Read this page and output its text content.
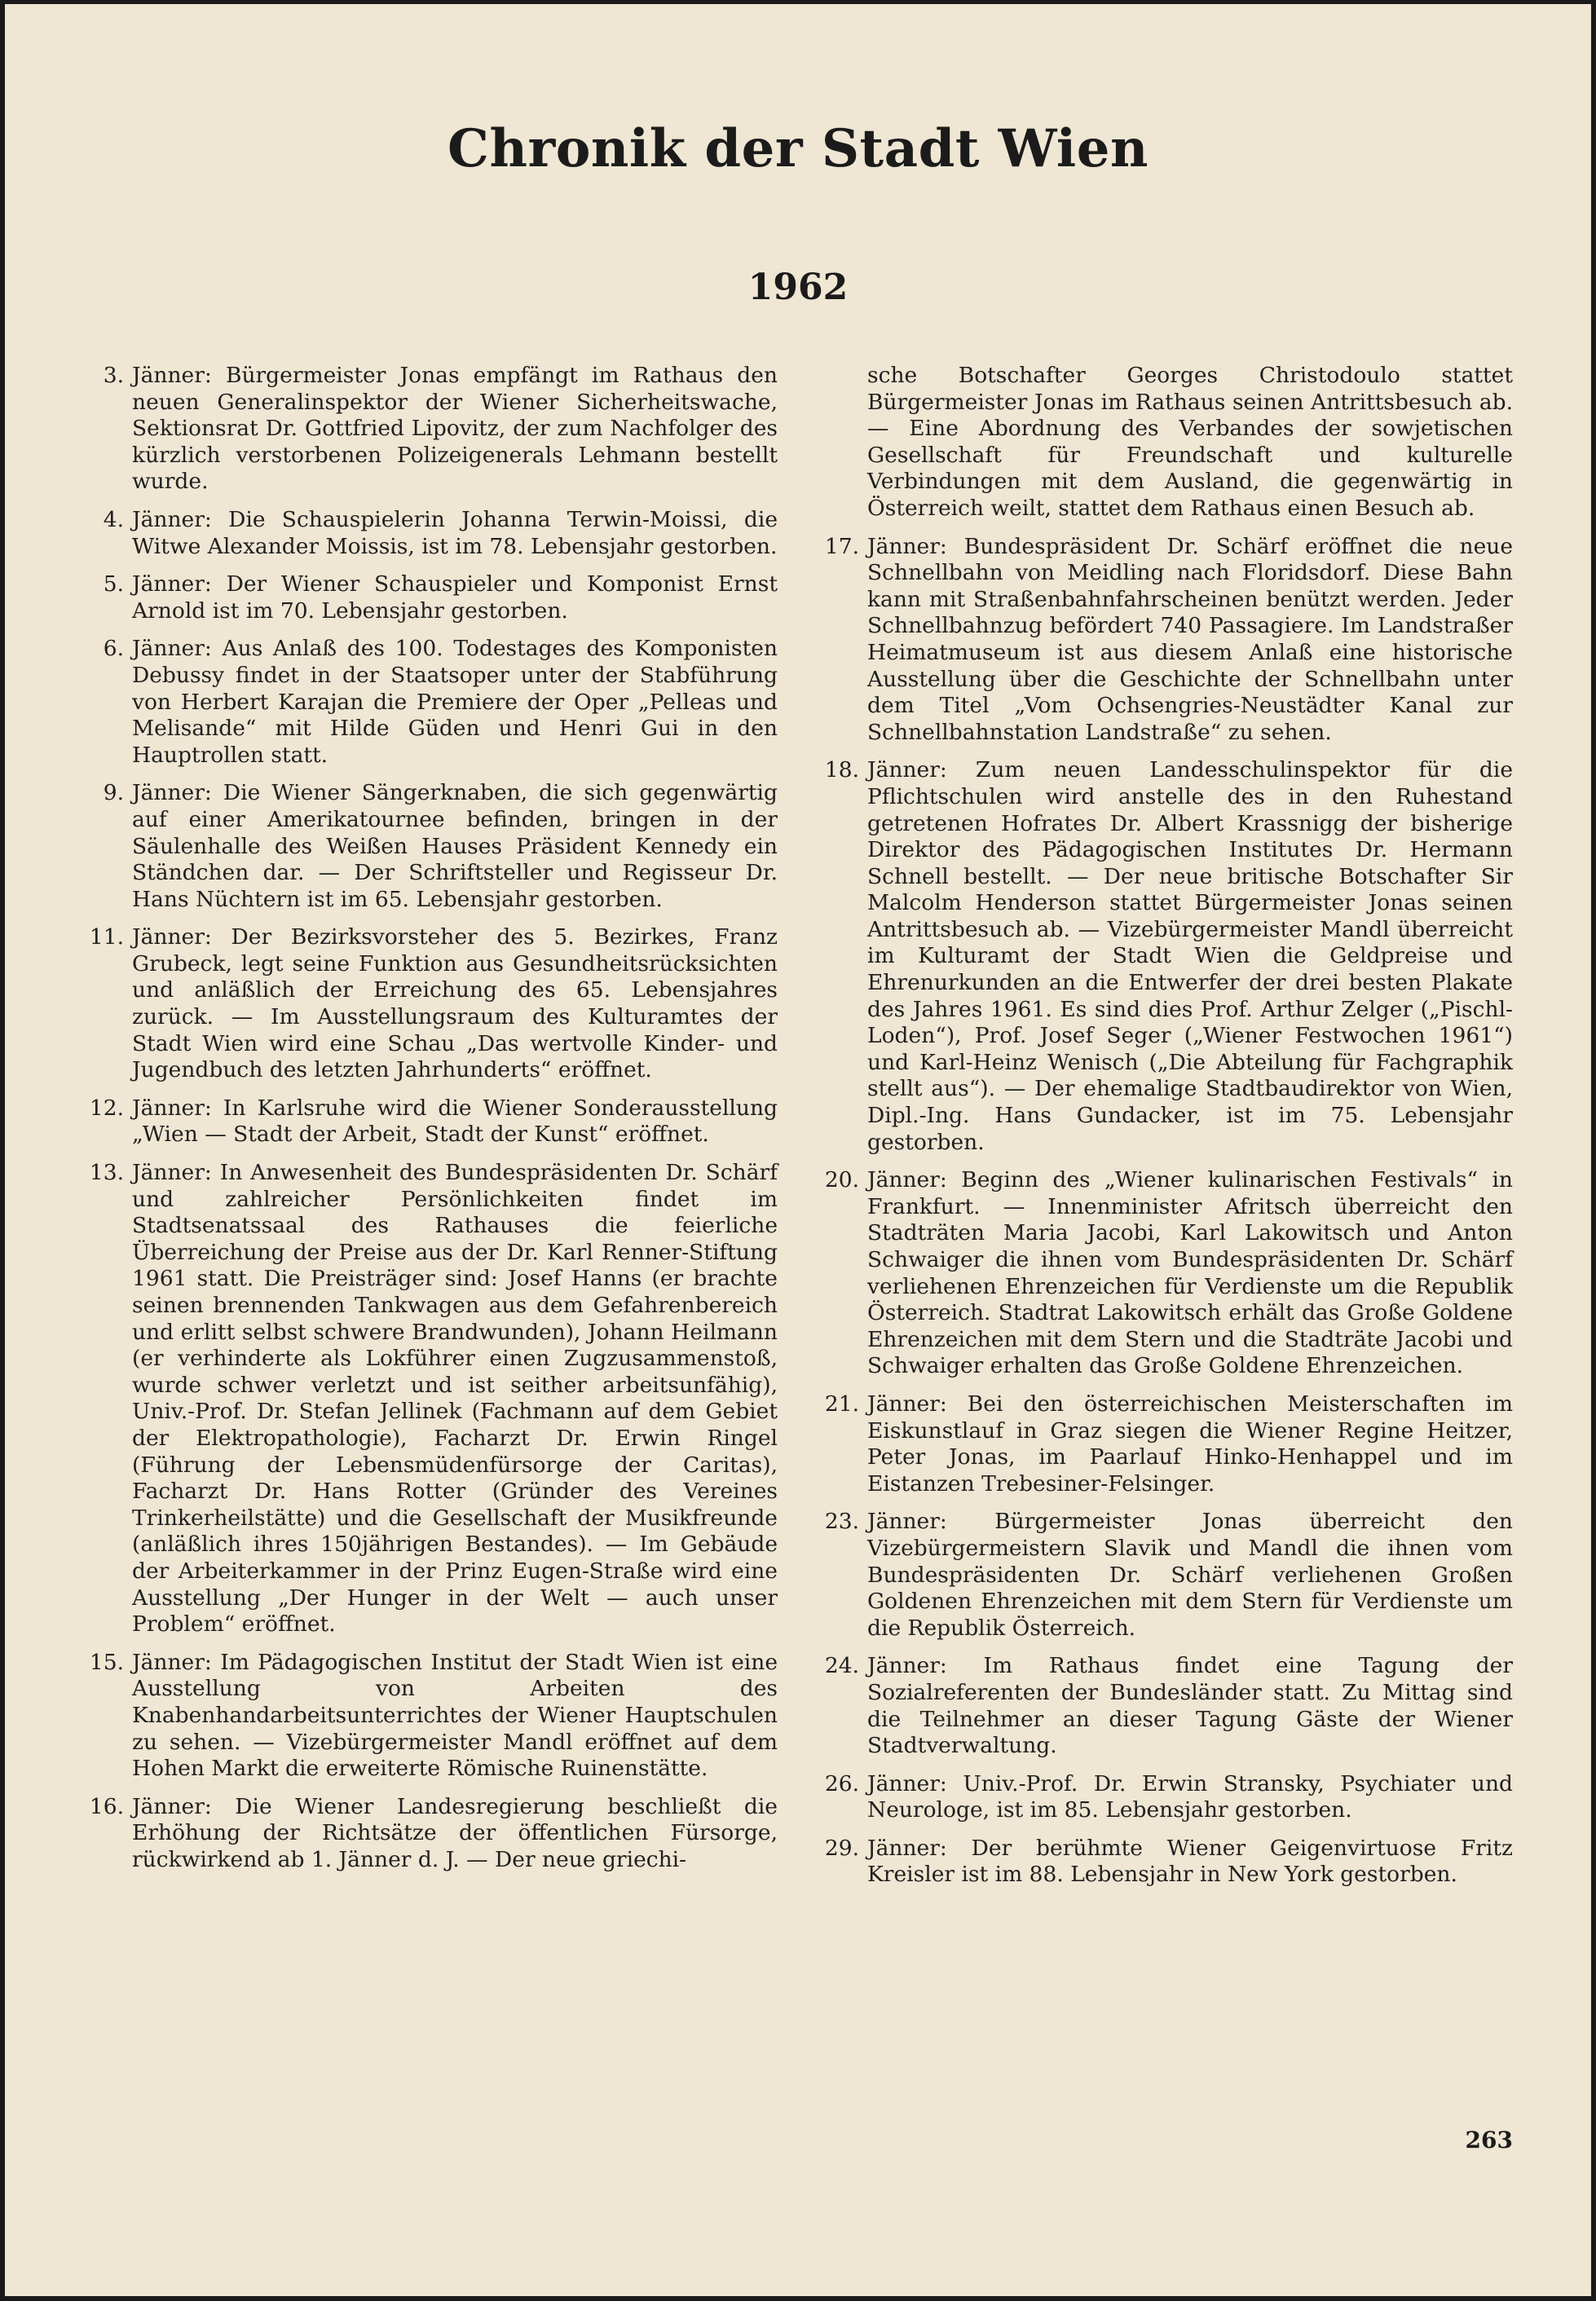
Chronik der Stadt Wien
1962
3. Jänner: Bürgermeister Jonas empfängt im Rathaus den neuen Generalinspektor der Wiener Sicherheitswache, Sektionsrat Dr. Gottfried Lipovitz, der zum Nachfolger des kürzlich verstorbenen Polizeigenerals Lehmann bestellt wurde.
4. Jänner: Die Schauspielerin Johanna Terwin-Moissi, die Witwe Alexander Moissis, ist im 78. Lebensjahr gestorben.
5. Jänner: Der Wiener Schauspieler und Komponist Ernst Arnold ist im 70. Lebensjahr gestorben.
6. Jänner: Aus Anlaß des 100. Todestages des Komponisten Debussy findet in der Staatsoper unter der Stabführung von Herbert Karajan die Premiere der Oper „Pelleas und Melisande“ mit Hilde Güden und Henri Gui in den Hauptrollen statt.
9. Jänner: Die Wiener Sängerknaben, die sich gegenwärtig auf einer Amerikatournee befinden, bringen in der Säulenhalle des Weißen Hauses Präsident Kennedy ein Ständchen dar. — Der Schriftsteller und Regisseur Dr. Hans Nüchtern ist im 65. Lebensjahr gestorben.
11. Jänner: Der Bezirksvorsteher des 5. Bezirkes, Franz Grubeck, legt seine Funktion aus Gesundheitsrücksichten und anläßlich der Erreichung des 65. Lebensjahres zurück. — Im Ausstellungsraum des Kulturamtes der Stadt Wien wird eine Schau „Das wertvolle Kinder- und Jugendbuch des letzten Jahrhunderts“ eröffnet.
12. Jänner: In Karlsruhe wird die Wiener Sonderausstellung „Wien — Stadt der Arbeit, Stadt der Kunst“ eröffnet.
13. Jänner: In Anwesenheit des Bundespräsidenten Dr. Schärf und zahlreicher Persönlichkeiten findet im Stadtsenatssaal des Rathauses die feierliche Überreichung der Preise aus der Dr. Karl Renner-Stiftung 1961 statt. Die Preisträger sind: Josef Hanns (er brachte seinen brennenden Tankwagen aus dem Gefahrenbereich und erlitt selbst schwere Brandwunden), Johann Heilmann (er verhinderte als Lokführer einen Zugzusammenstoß, wurde schwer verletzt und ist seither arbeitsunfähig), Univ.-Prof. Dr. Stefan Jellinek (Fachmann auf dem Gebiet der Elektropathologie), Facharzt Dr. Erwin Ringel (Führung der Lebensmüdenfürsorge der Caritas), Facharzt Dr. Hans Rotter (Gründer des Vereines Trinkerheilstätte) und die Gesellschaft der Musikfreunde (anläßlich ihres 150jährigen Bestandes). — Im Gebäude der Arbeiterkammer in der Prinz Eugen-Straße wird eine Ausstellung „Der Hunger in der Welt — auch unser Problem“ eröffnet.
15. Jänner: Im Pädagogischen Institut der Stadt Wien ist eine Ausstellung von Arbeiten des Knabenhandarbeitsunterrichtes der Wiener Hauptschulen zu sehen. — Vizebürgermeister Mandl eröffnet auf dem Hohen Markt die erweiterte Römische Ruinenstätte.
16. Jänner: Die Wiener Landesregierung beschließt die Erhöhung der Richtsätze der öffentlichen Fürsorge, rückwirkend ab 1. Jänner d. J. — Der neue griechi-
sche Botschafter Georges Christodoulo stattet Bürgermeister Jonas im Rathaus seinen Antrittsbesuch ab. — Eine Abordnung des Verbandes der sowjetischen Gesellschaft für Freundschaft und kulturelle Verbindungen mit dem Ausland, die gegenwärtig in Österreich weilt, stattet dem Rathaus einen Besuch ab.
17. Jänner: Bundespräsident Dr. Schärf eröffnet die neue Schnellbahn von Meidling nach Floridsdorf. Diese Bahn kann mit Straßenbahnfahrscheinen benützt werden. Jeder Schnellbahnzug befördert 740 Passagiere. Im Landstraßer Heimatmuseum ist aus diesem Anlaß eine historische Ausstellung über die Geschichte der Schnellbahn unter dem Titel „Vom Ochsengries-Neustädter Kanal zur Schnellbahnstation Landstraße“ zu sehen.
18. Jänner: Zum neuen Landesschulinspektor für die Pflichtschulen wird anstelle des in den Ruhestand getretenen Hofrates Dr. Albert Krassnigg der bisherige Direktor des Pädagogischen Institutes Dr. Hermann Schnell bestellt. — Der neue britische Botschafter Sir Malcolm Henderson stattet Bürgermeister Jonas seinen Antrittsbesuch ab. — Vizebürgermeister Mandl überreicht im Kulturamt der Stadt Wien die Geldpreise und Ehrenurkunden an die Entwerfer der drei besten Plakate des Jahres 1961. Es sind dies Prof. Arthur Zelger („Pischl-Loden“), Prof. Josef Seger („Wiener Festwochen 1961“) und Karl-Heinz Wenisch („Die Abteilung für Fachgraphik stellt aus“). — Der ehemalige Stadtbaudirektor von Wien, Dipl.-Ing. Hans Gundacker, ist im 75. Lebensjahr gestorben.
20. Jänner: Beginn des „Wiener kulinarischen Festivals“ in Frankfurt. — Innenminister Afritsch überreicht den Stadträten Maria Jacobi, Karl Lakowitsch und Anton Schwaiger die ihnen vom Bundespräsidenten Dr. Schärf verliehenen Ehrenzeichen für Verdienste um die Republik Österreich. Stadtrat Lakowitsch erhält das Große Goldene Ehrenzeichen mit dem Stern und die Stadträte Jacobi und Schwaiger erhalten das Große Goldene Ehrenzeichen.
21. Jänner: Bei den österreichischen Meisterschaften im Eiskunstlauf in Graz siegen die Wiener Regine Heitzer, Peter Jonas, im Paarlauf Hinko-Henhappel und im Eistanzen Trebesiner-Felsinger.
23. Jänner: Bürgermeister Jonas überreicht den Vizebürgermeistern Slavik und Mandl die ihnen vom Bundespräsidenten Dr. Schärf verliehenen Großen Goldenen Ehrenzeichen mit dem Stern für Verdienste um die Republik Österreich.
24. Jänner: Im Rathaus findet eine Tagung der Sozialreferenten der Bundesländer statt. Zu Mittag sind die Teilnehmer an dieser Tagung Gäste der Wiener Stadtverwaltung.
26. Jänner: Univ.-Prof. Dr. Erwin Stransky, Psychiater und Neurologe, ist im 85. Lebensjahr gestorben.
29. Jänner: Der berühmte Wiener Geigenvirtuose Fritz Kreisler ist im 88. Lebensjahr in New York gestorben.
263
